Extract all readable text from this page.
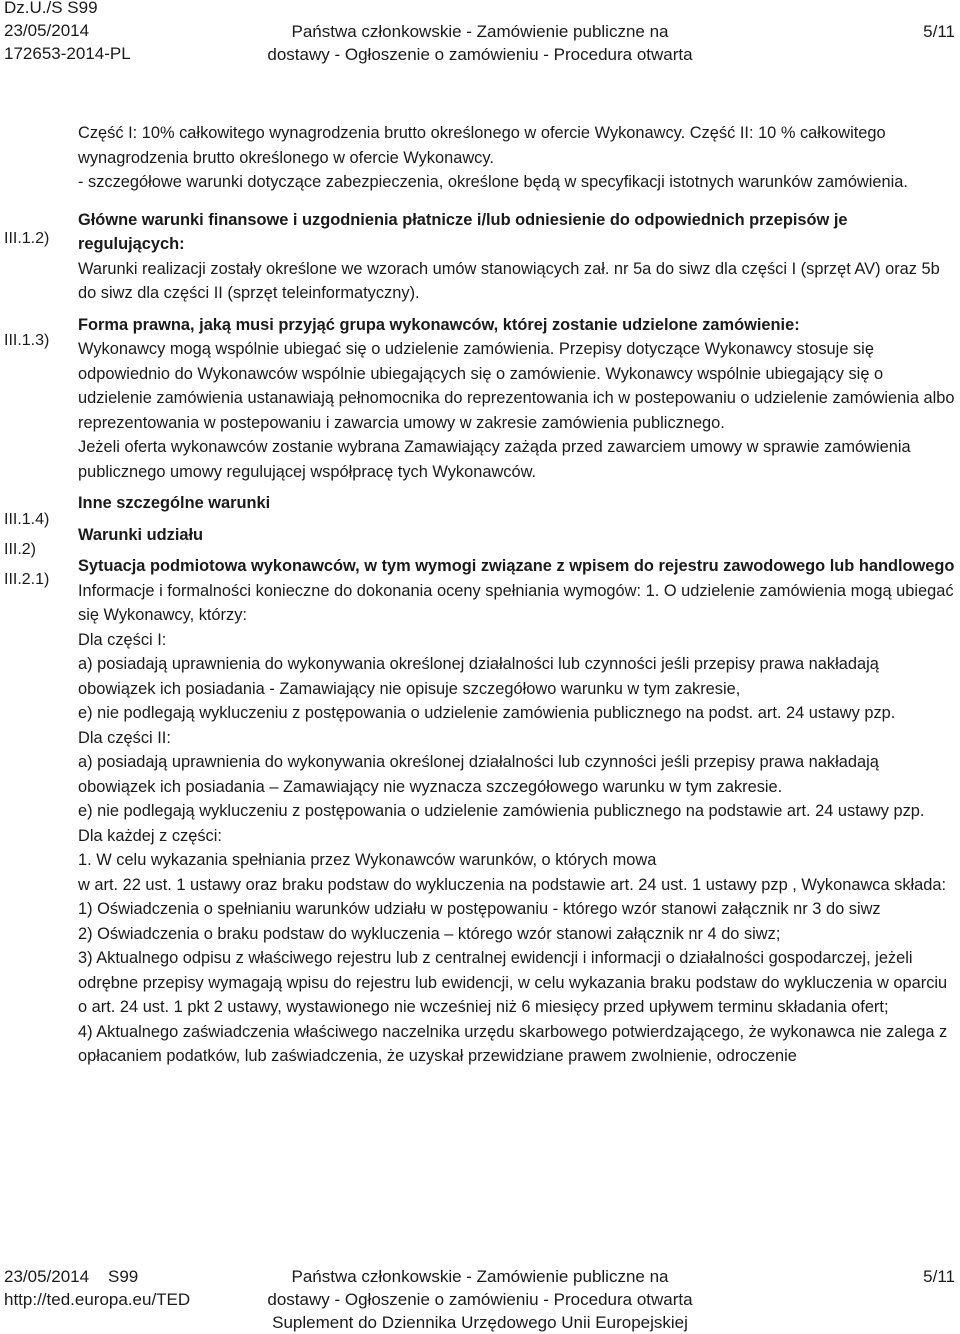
Dz.U./S S99
23/05/2014
172653-2014-PL
Państwa członkowskie - Zamówienie publiczne na
dostawy - Ogłoszenie o zamówieniu - Procedura otwarta
5/11
III.1.2)
III.1.3)
III.1.4)
III.2)
III.2.1)

Część I: 10% całkowitego wynagrodzenia brutto określonego w ofercie Wykonawcy. Część II: 10 % całkowitego wynagrodzenia brutto określonego w ofercie Wykonawcy.

- szczegółowe warunki dotyczące zabezpieczenia, określone będą w specyfikacji istotnych warunków zamówienia.

Główne warunki finansowe i uzgodnienia płatnicze i/lub odniesienie do odpowiednich przepisów je regulujących:

Warunki realizacji zostały określone we wzorach umów stanowiących zał. nr 5a do siwz dla części I (sprzęt AV) oraz 5b do siwz dla części II (sprzęt teleinformatyczny).

Forma prawna, jaką musi przyjąć grupa wykonawców, której zostanie udzielone zamówienie:

Wykonawcy mogą wspólnie ubiegać się o udzielenie zamówienia. Przepisy dotyczące Wykonawcy stosuje się odpowiednio do Wykonawców wspólnie ubiegających się o zamówienie. Wykonawcy wspólnie ubiegający się o udzielenie zamówienia ustanawiają pełnomocnika do reprezentowania ich w postepowaniu o udzielenie zamówienia albo reprezentowania w postepowaniu i zawarcia umowy w zakresie zamówienia publicznego.

Jeżeli oferta wykonawców zostanie wybrana Zamawiający zażąda przed zawarciem umowy w sprawie zamówienia publicznego umowy regulującej współpracę tych Wykonawców.

Inne szczególne warunki

Warunki udziału

Sytuacja podmiotowa wykonawców, w tym wymogi związane z wpisem do rejestru zawodowego lub handlowego

Informacje i formalności konieczne do dokonania oceny spełniania wymogów: 1. O udzielenie zamówienia mogą ubiegać się Wykonawcy, którzy:

Dla części I:

a) posiadają uprawnienia do wykonywania określonej działalności lub czynności jeśli przepisy prawa nakładają obowiązek ich posiadania - Zamawiający nie opisuje szczegółowo warunku w tym zakresie,

e) nie podlegają wykluczeniu z postępowania o udzielenie zamówienia publicznego na podst. art. 24 ustawy pzp.

Dla części II:

a) posiadają uprawnienia do wykonywania określonej działalności lub czynności jeśli przepisy prawa nakładają obowiązek ich posiadania – Zamawiający nie wyznacza szczegółowego warunku w tym zakresie.

e) nie podlegają wykluczeniu z postępowania o udzielenie zamówienia publicznego na podstawie art. 24 ustawy pzp.

Dla każdej z części:

1. W celu wykazania spełniania przez Wykonawców warunków, o których mowa

w art. 22 ust. 1 ustawy oraz braku podstaw do wykluczenia na podstawie art. 24 ust. 1 ustawy pzp , Wykonawca składa:

1) Oświadczenia o spełnianiu warunków udziału w postępowaniu - którego wzór stanowi załącznik nr 3 do siwz

2) Oświadczenia o braku podstaw do wykluczenia – którego wzór stanowi załącznik nr 4 do siwz;

3) Aktualnego odpisu z właściwego rejestru lub z centralnej ewidencji i informacji o działalności gospodarczej, jeżeli odrębne przepisy wymagają wpisu do rejestru lub ewidencji, w celu wykazania braku podstaw do wykluczenia w oparciu o art. 24 ust. 1 pkt 2 ustawy, wystawionego nie wcześniej niż 6 miesięcy przed upływem terminu składania ofert;

4) Aktualnego zaświadczenia właściwego naczelnika urzędu skarbowego potwierdzającego, że wykonawca nie zalega z opłacaniem podatków, lub zaświadczenia, że uzyskał przewidziane prawem zwolnienie, odroczenie

23/05/2014 S99
http://ted.europa.eu/TED
Państwa członkowskie - Zamówienie publiczne na
dostawy - Ogłoszenie o zamówieniu - Procedura otwarta
Suplement do Dziennika Urzędowego Unii Europejskiej
5/11
